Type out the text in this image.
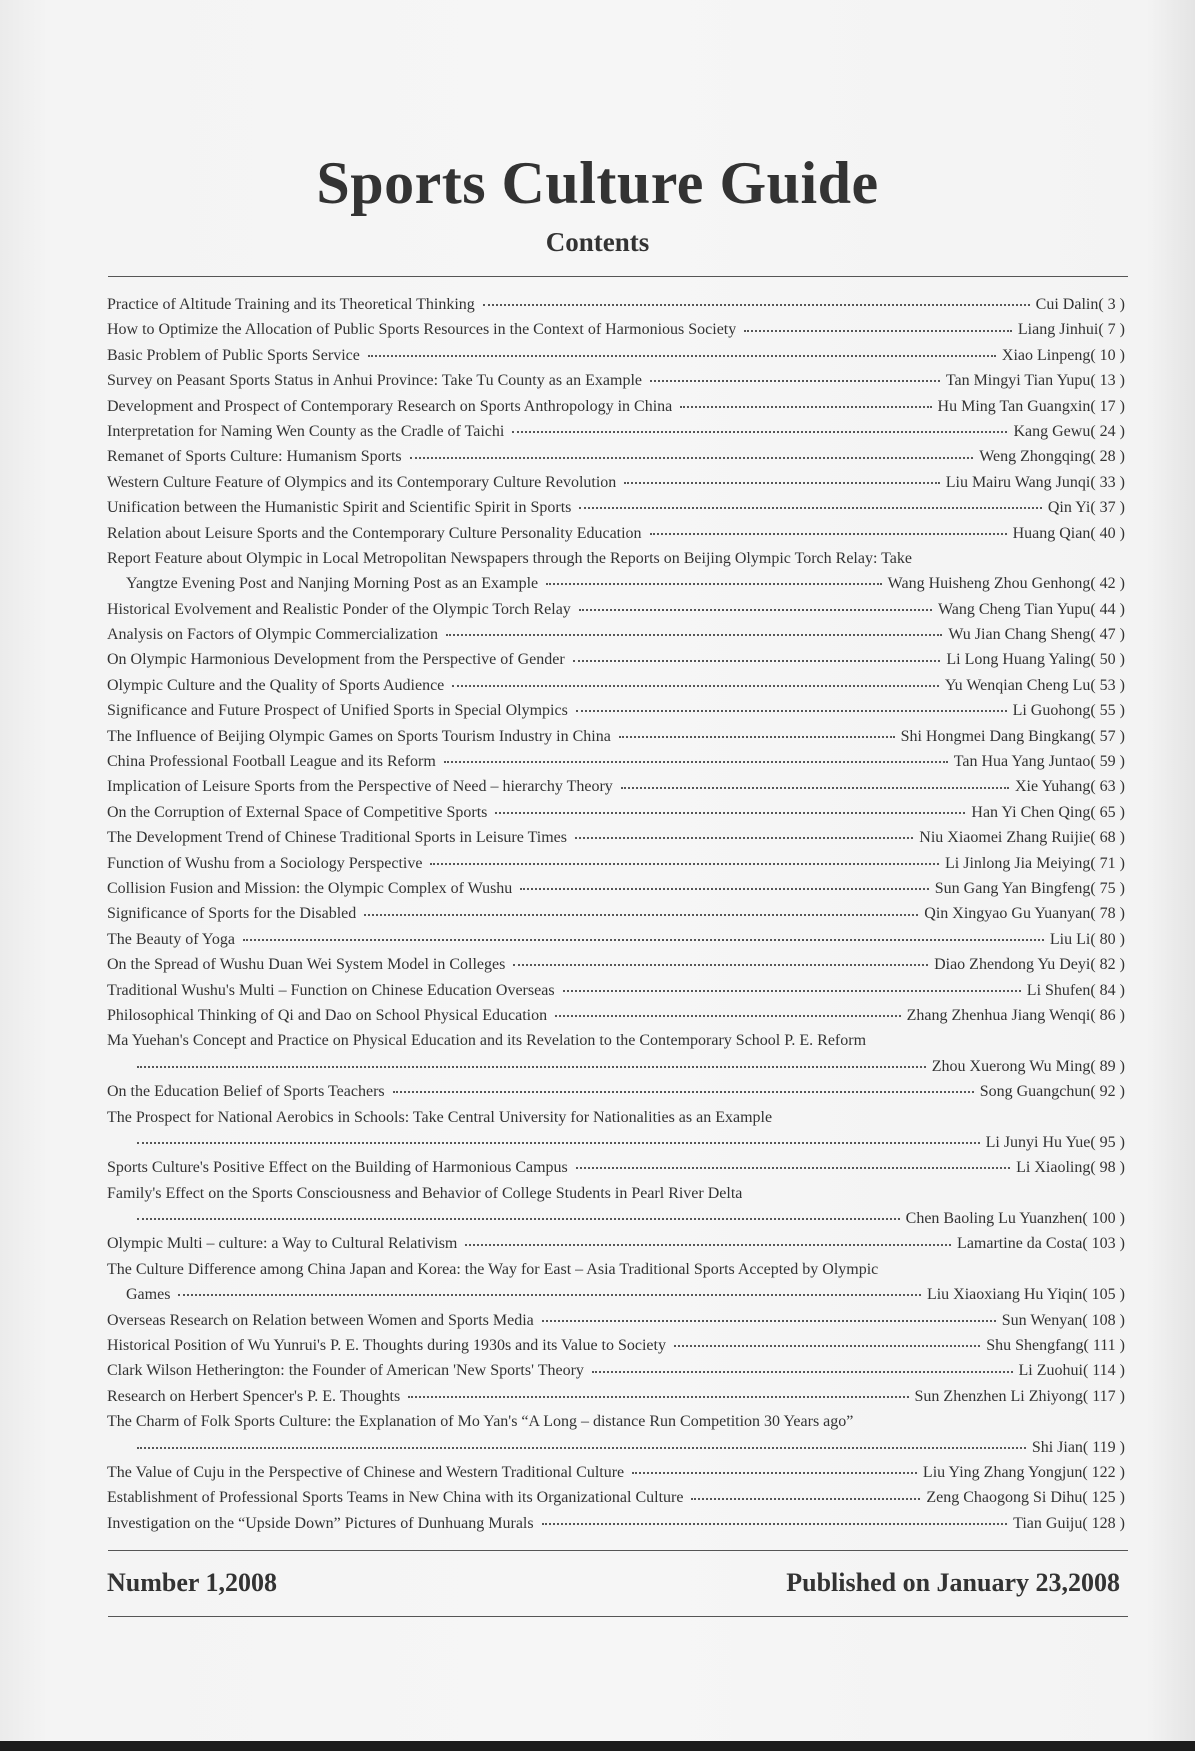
Sports Culture Guide
Contents
Practice of Altitude Training and its Theoretical Thinking	Cui Dalin( 3 )
How to Optimize the Allocation of Public Sports Resources in the Context of Harmonious Society	Liang Jinhui( 7 )
Basic Problem of Public Sports Service	Xiao Linpeng( 10 )
Survey on Peasant Sports Status in Anhui Province: Take Tu County as an Example	Tan Mingyi Tian Yupu( 13 )
Development and Prospect of Contemporary Research on Sports Anthropology in China	Hu Ming Tan Guangxin( 17 )
Interpretation for Naming Wen County as the Cradle of Taichi	Kang Gewu( 24 )
Remanet of Sports Culture: Humanism Sports	Weng Zhongqing( 28 )
Western Culture Feature of Olympics and its Contemporary Culture Revolution	Liu Mairu Wang Junqi( 33 )
Unification between the Humanistic Spirit and Scientific Spirit in Sports	Qin Yi( 37 )
Relation about Leisure Sports and the Contemporary Culture Personality Education	Huang Qian( 40 )
Report Feature about Olympic in Local Metropolitan Newspapers through the Reports on Beijing Olympic Torch Relay: Take
Yangtze Evening Post and Nanjing Morning Post as an Example	Wang Huisheng Zhou Genhong( 42 )
Historical Evolvement and Realistic Ponder of the Olympic Torch Relay	Wang Cheng Tian Yupu( 44 )
Analysis on Factors of Olympic Commercialization	Wu Jian Chang Sheng( 47 )
On Olympic Harmonious Development from the Perspective of Gender	Li Long Huang Yaling( 50 )
Olympic Culture and the Quality of Sports Audience	Yu Wenqian Cheng Lu( 53 )
Significance and Future Prospect of Unified Sports in Special Olympics	Li Guohong( 55 )
The Influence of Beijing Olympic Games on Sports Tourism Industry in China	Shi Hongmei Dang Bingkang( 57 )
China Professional Football League and its Reform	Tan Hua Yang Juntao( 59 )
Implication of Leisure Sports from the Perspective of Need – hierarchy Theory	Xie Yuhang( 63 )
On the Corruption of External Space of Competitive Sports	Han Yi Chen Qing( 65 )
The Development Trend of Chinese Traditional Sports in Leisure Times	Niu Xiaomei Zhang Ruijie( 68 )
Function of Wushu from a Sociology Perspective	Li Jinlong Jia Meiying( 71 )
Collision Fusion and Mission: the Olympic Complex of Wushu	Sun Gang Yan Bingfeng( 75 )
Significance of Sports for the Disabled	Qin Xingyao Gu Yuanyan( 78 )
The Beauty of Yoga	Liu Li( 80 )
On the Spread of Wushu Duan Wei System Model in Colleges	Diao Zhendong Yu Deyi( 82 )
Traditional Wushu's Multi – Function on Chinese Education Overseas	Li Shufen( 84 )
Philosophical Thinking of Qi and Dao on School Physical Education	Zhang Zhenhua Jiang Wenqi( 86 )
Ma Yuehan's Concept and Practice on Physical Education and its Revelation to the Contemporary School P. E. Reform
Zhou Xuerong Wu Ming( 89 )
On the Education Belief of Sports Teachers	Song Guangchun( 92 )
The Prospect for National Aerobics in Schools: Take Central University for Nationalities as an Example
Li Junyi Hu Yue( 95 )
Sports Culture's Positive Effect on the Building of Harmonious Campus	Li Xiaoling( 98 )
Family's Effect on the Sports Consciousness and Behavior of College Students in Pearl River Delta
Chen Baoling Lu Yuanzhen( 100 )
Olympic Multi – culture: a Way to Cultural Relativism	Lamartine da Costa( 103 )
The Culture Difference among China Japan and Korea: the Way for East – Asia Traditional Sports Accepted by Olympic
Games	Liu Xiaoxiang Hu Yiqin( 105 )
Overseas Research on Relation between Women and Sports Media	Sun Wenyan( 108 )
Historical Position of Wu Yunrui's P. E. Thoughts during 1930s and its Value to Society	Shu Shengfang( 111 )
Clark Wilson Hetherington: the Founder of American 'New Sports' Theory	Li Zuohui( 114 )
Research on Herbert Spencer's P. E. Thoughts	Sun Zhenzhen Li Zhiyong( 117 )
The Charm of Folk Sports Culture: the Explanation of Mo Yan's “A Long – distance Run Competition 30 Years ago”
Shi Jian( 119 )
The Value of Cuju in the Perspective of Chinese and Western Traditional Culture	Liu Ying Zhang Yongjun( 122 )
Establishment of Professional Sports Teams in New China with its Organizational Culture	Zeng Chaogong Si Dihu( 125 )
Investigation on the “Upside Down” Pictures of Dunhuang Murals	Tian Guiju( 128 )
Number 1,2008	Published on January 23,2008
